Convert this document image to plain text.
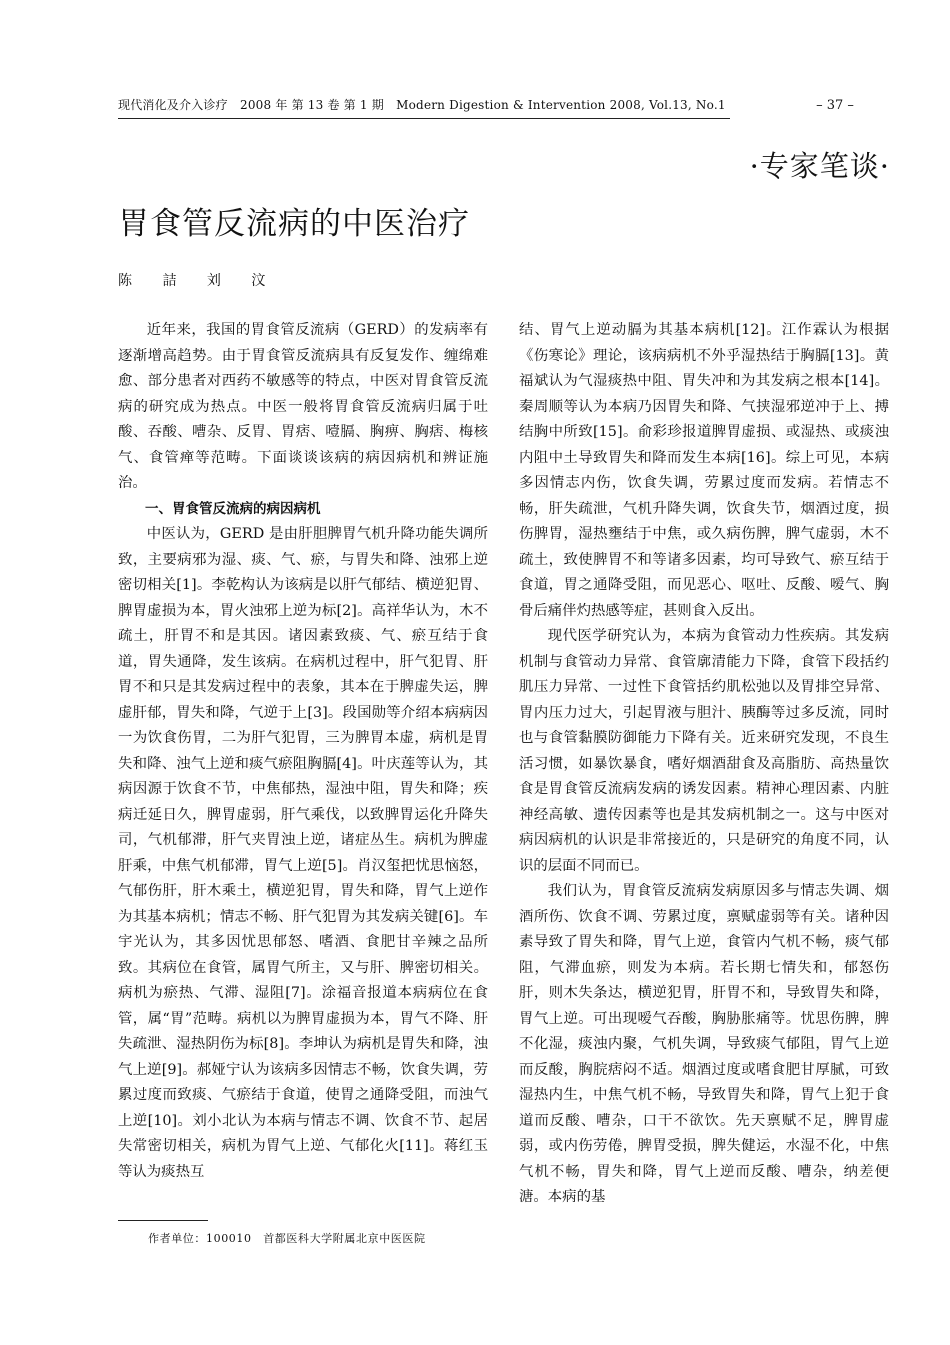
现代消化及介入诊疗　2008 年 第 13 卷 第 1 期　Modern Digestion & Intervention 2008, Vol.13, No.1	– 37 –
·专家笔谈·
胃食管反流病的中医治疗
陈 詰 刘 汶

近年来，我国的胃食管反流病（GERD）的发病率有逐渐增高趋势。由于胃食管反流病具有反复发作、缠绵难愈、部分患者对西药不敏感等的特点，中医对胃食管反流病的研究成为热点。中医一般将胃食管反流病归属于吐酸、吞酸、嘈杂、反胃、胃痞、噎膈、胸痹、胸痞、梅核气、食管瘅等范畴。下面谈谈该病的病因病机和辨证施治。

一、胃食管反流病的病因病机

中医认为，GERD 是由肝胆脾胃气机升降功能失调所致，主要病邪为湿、痰、气、瘀，与胃失和降、浊邪上逆密切相关[1]。李乾构认为该病是以肝气郁结、横逆犯胃、脾胃虚损为本，胃火浊邪上逆为标[2]。高祥华认为，木不疏土，肝胃不和是其因。诸因素致痰、气、瘀互结于食道，胃失通降，发生该病。在病机过程中，肝气犯胃、肝胃不和只是其发病过程中的表象，其本在于脾虚失运，脾虚肝郁，胃失和降，气逆于上[3]。段国勋等介绍本病病因一为饮食伤胃，二为肝气犯胃，三为脾胃本虚，病机是胃失和降、浊气上逆和痰气瘀阻胸膈[4]。叶庆莲等认为，其病因源于饮食不节，中焦郁热，湿浊中阻，胃失和降；疾病迁延日久，脾胃虚弱，肝气乘伐，以致脾胃运化升降失司，气机郁滞，肝气夹胃浊上逆，诸症丛生。病机为脾虚肝乘，中焦气机郁滞，胃气上逆[5]。肖汉玺把忧思恼怒，气郁伤肝，肝木乘土，横逆犯胃，胃失和降，胃气上逆作为其基本病机；情志不畅、肝气犯胃为其发病关键[6]。车宇光认为，其多因忧思郁怒、嗜酒、食肥甘辛辣之品所致。其病位在食管，属胃气所主，又与肝、脾密切相关。病机为瘀热、气滞、湿阻[7]。涂福音报道本病病位在食管，属“胃”范畴。病机以为脾胃虚损为本，胃气不降、肝失疏泄、湿热阴伤为标[8]。李坤认为病机是胃失和降，浊气上逆[9]。郝娅宁认为该病多因情志不畅，饮食失调，劳累过度而致痰、气瘀结于食道，使胃之通降受阻，而浊气上逆[10]。刘小北认为本病与情志不调、饮食不节、起居失常密切相关，病机为胃气上逆、气郁化火[11]。蒋红玉等认为痰热互

结、胃气上逆动膈为其基本病机[12]。江作霖认为根据《伤寒论》理论，该病病机不外乎湿热结于胸膈[13]。黄福斌认为气湿痰热中阻、胃失冲和为其发病之根本[14]。秦周顺等认为本病乃因胃失和降、气挟湿邪逆冲于上、搏结胸中所致[15]。俞彩珍报道脾胃虚损、或湿热、或痰浊内阻中土导致胃失和降而发生本病[16]。综上可见，本病多因情志内伤，饮食失调，劳累过度而发病。若情志不畅，肝失疏泄，气机升降失调，饮食失节，烟酒过度，损伤脾胃，湿热壅结于中焦，或久病伤脾，脾气虚弱，木不疏土，致使脾胃不和等诸多因素，均可导致气、瘀互结于食道，胃之通降受阻，而见恶心、呕吐、反酸、嗳气、胸骨后痛伴灼热感等症，甚则食入反出。

现代医学研究认为，本病为食管动力性疾病。其发病机制与食管动力异常、食管廓清能力下降，食管下段括约肌压力异常、一过性下食管括约肌松弛以及胃排空异常、胃内压力过大，引起胃液与胆汁、胰酶等过多反流，同时也与食管黏膜防御能力下降有关。近来研究发现，不良生活习惯，如暴饮暴食，嗜好烟酒甜食及高脂肪、高热量饮食是胃食管反流病发病的诱发因素。精神心理因素、内脏神经高敏、遗传因素等也是其发病机制之一。这与中医对病因病机的认识是非常接近的，只是研究的角度不同，认识的层面不同而已。

我们认为，胃食管反流病发病原因多与情志失调、烟酒所伤、饮食不调、劳累过度，禀赋虚弱等有关。诸种因素导致了胃失和降，胃气上逆，食管内气机不畅，痰气郁阻，气滞血瘀，则发为本病。若长期七情失和，郁怒伤肝，则木失条达，横逆犯胃，肝胃不和，导致胃失和降，胃气上逆。可出现嗳气吞酸，胸胁胀痛等。忧思伤脾，脾不化湿，痰浊内聚，气机失调，导致痰气郁阻，胃气上逆而反酸，胸脘痞闷不适。烟酒过度或嗜食肥甘厚腻，可致湿热内生，中焦气机不畅，导致胃失和降，胃气上犯于食道而反酸、嘈杂，口干不欲饮。先天禀赋不足，脾胃虚弱，或内伤劳倦，脾胃受损，脾失健运，水湿不化，中焦气机不畅，胃失和降，胃气上逆而反酸、嘈杂，纳差便溏。本病的基

作者单位：100010　首都医科大学附属北京中医医院
